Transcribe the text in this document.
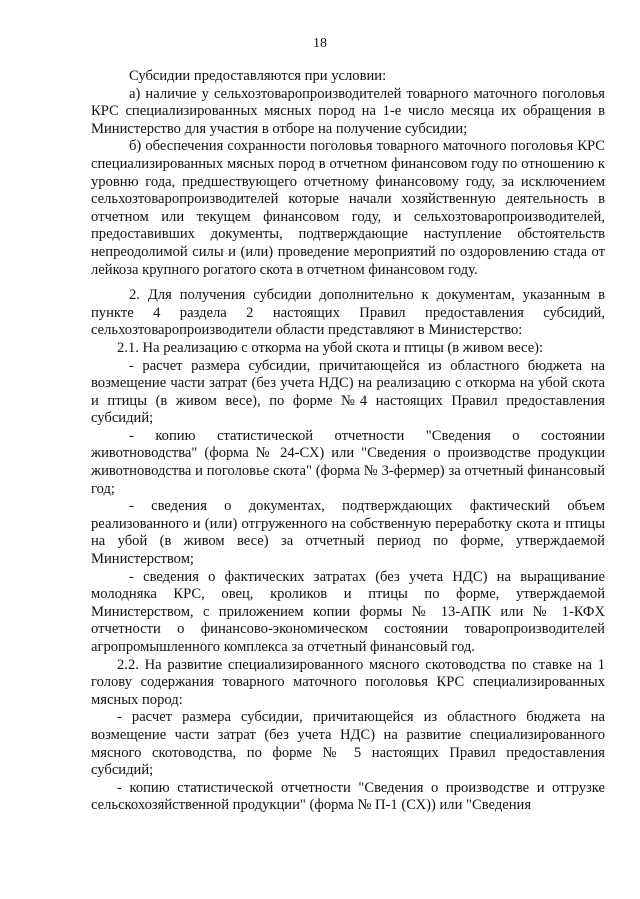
18

Субсидии предоставляются при условии:

а) наличие у сельхозтоваропроизводителей товарного маточного поголовья КРС специализированных мясных пород на 1-е число месяца их обращения в Министерство для участия в отборе на получение субсидии;

б) обеспечения сохранности поголовья товарного маточного поголовья КРС специализированных мясных пород в отчетном финансовом году по отношению к уровню года, предшествующего отчетному финансовому году, за исключением сельхозтоваропроизводителей которые начали хозяйственную деятельность в отчетном или текущем финансовом году, и сельхозтоваропроизводителей, предоставивших документы, подтверждающие наступление обстоятельств непреодолимой силы и (или) проведение мероприятий по оздоровлению стада от лейкоза крупного рогатого скота в отчетном финансовом году.

2. Для получения субсидии дополнительно к документам, указанным в пункте 4 раздела 2 настоящих Правил предоставления субсидий, сельхозтоваропроизводители области представляют в Министерство:

2.1. На реализацию с откорма на убой скота и птицы (в живом весе):

- расчет размера субсидии, причитающейся из областного бюджета на возмещение части затрат (без учета НДС) на реализацию с откорма на убой скота и птицы (в живом весе), по форме №4 настоящих Правил предоставления субсидий;

- копию статистической отчетности "Сведения о состоянии животноводства" (форма № 24-СХ) или "Сведения о производстве продукции животноводства и поголовье скота" (форма № 3-фермер) за отчетный финансовый год;

- сведения о документах, подтверждающих фактический объем реализованного и (или) отгруженного на собственную переработку скота и птицы на убой (в живом весе) за отчетный период по форме, утверждаемой Министерством;

- сведения о фактических затратах (без учета НДС) на выращивание молодняка КРС, овец, кроликов и птицы по форме, утверждаемой Министерством, с приложением копии формы № 13-АПК или № 1-КФХ отчетности о финансово-экономическом состоянии товаропроизводителей агропромышленного комплекса за отчетный финансовый год.

2.2. На развитие специализированного мясного скотоводства по ставке на 1 голову содержания товарного маточного поголовья КРС специализированных мясных пород:

- расчет размера субсидии, причитающейся из областного бюджета на возмещение части затрат (без учета НДС) на развитие специализированного мясного скотоводства, по форме № 5 настоящих Правил предоставления субсидий;

- копию статистической отчетности "Сведения о производстве и отгрузке сельскохозяйственной продукции" (форма № П-1 (СХ)) или "Сведения
